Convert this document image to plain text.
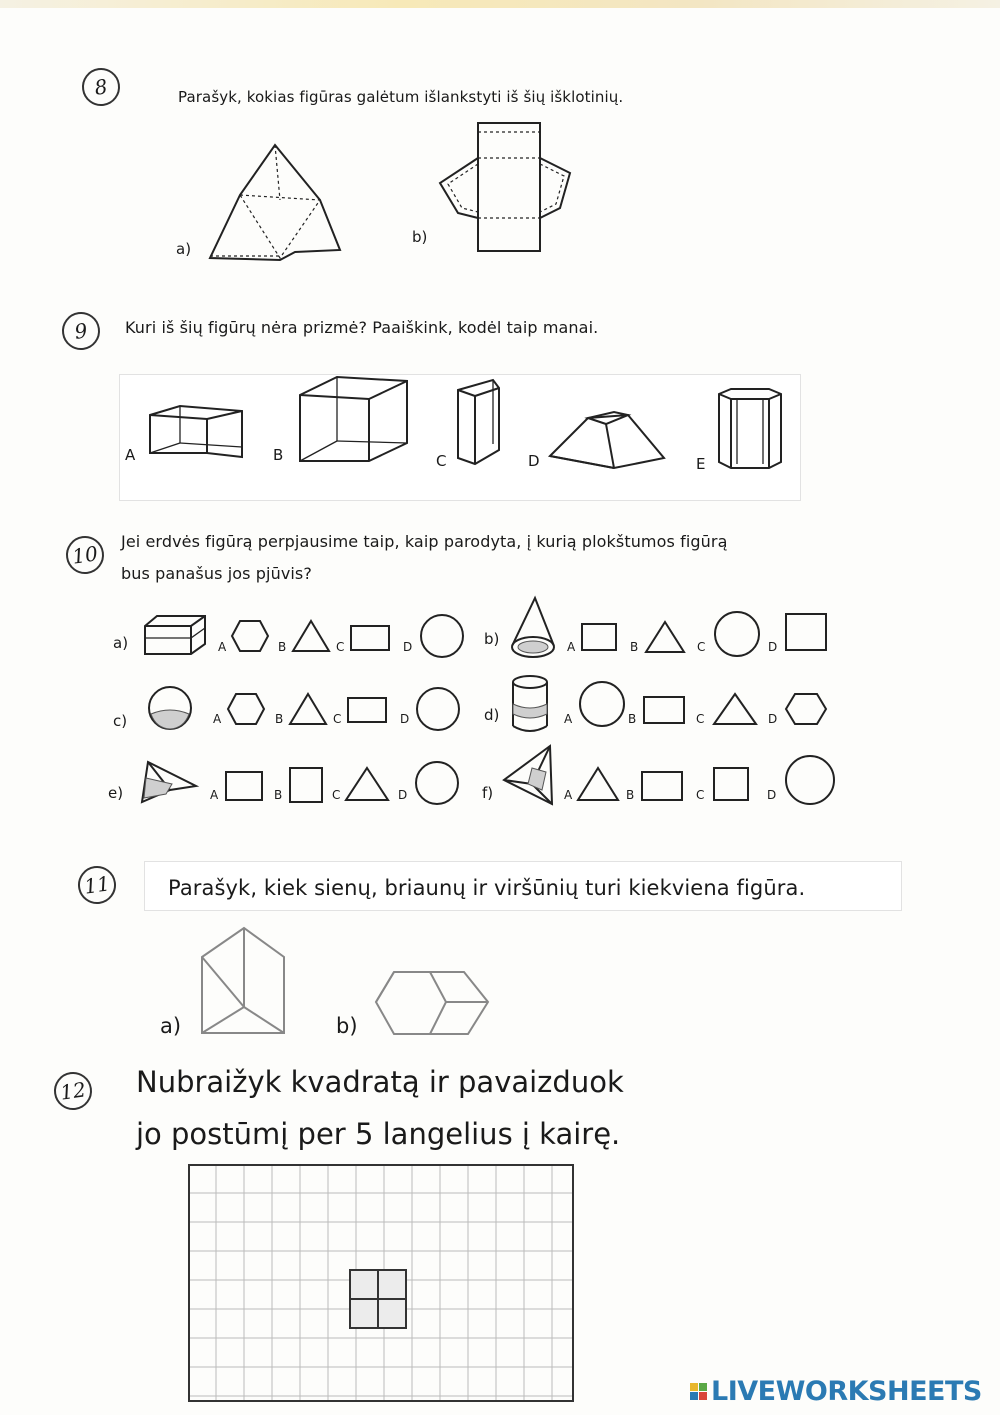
8	Parašyk, kokias figūras galėtum išlankstyti iš šių išklotinių.
a)
b)
9	Kuri iš šių figūrų nėra prizmė? Paaiškink, kodėl taip manai.
A	B	C	D	E
10	Jei erdvės figūrą perpjausime taip, kaip parodyta, į kurią plokštumos figūrą
bus panašus jos pjūvis?
a)	A	B	C	D	b)	A	B	C	D
c)	A	B	C	D	d)	A	B	C	D
e)	A	B	C	D	f)	A	B	C	D
11	Parašyk, kiek sienų, briaunų ir viršūnių turi kiekviena figūra.
a)	b)
12 Nubraižyk kvadratą ir pavaizduok
jo postūmį per 5 langelius į kairę.
LIVEWORKSHEETS
